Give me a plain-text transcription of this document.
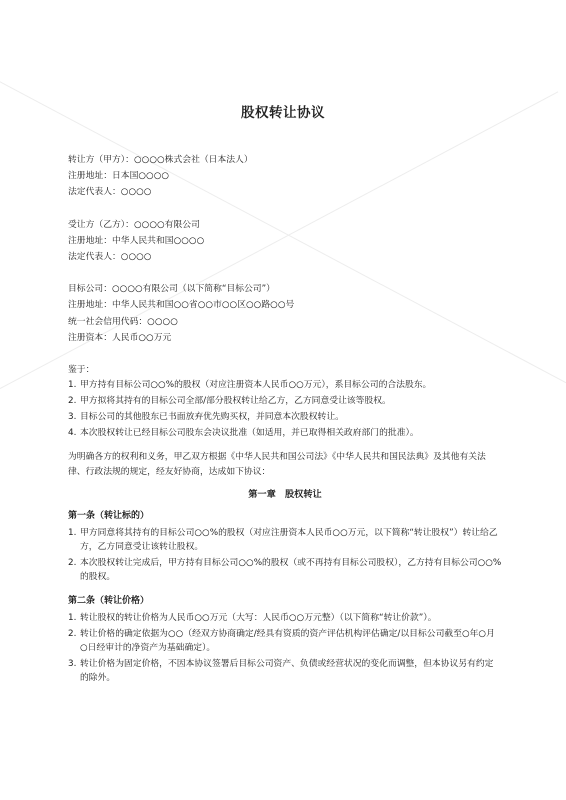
股权转让协议
转让方（甲方）：○○○○株式会社（日本法人）
注册地址：日本国○○○○
法定代表人：○○○○
受让方（乙方）：○○○○有限公司
注册地址：中华人民共和国○○○○
法定代表人：○○○○
目标公司：○○○○有限公司（以下简称“目标公司”）
注册地址：中华人民共和国○○省○○市○○区○○路○○号
统一社会信用代码：○○○○
注册资本：人民币○○万元
鉴于：
1. 甲方持有目标公司○○%的股权（对应注册资本人民币○○万元），系目标公司的合法股东。
2. 甲方拟将其持有的目标公司全部/部分股权转让给乙方，乙方同意受让该等股权。
3. 目标公司的其他股东已书面放弃优先购买权，并同意本次股权转让。
4. 本次股权转让已经目标公司股东会决议批准（如适用，并已取得相关政府部门的批准）。
为明确各方的权利和义务，甲乙双方根据《中华人民共和国公司法》《中华人民共和国民法典》及其他有关法律、行政法规的规定，经友好协商，达成如下协议：
第一章　股权转让
第一条（转让标的）
1. 甲方同意将其持有的目标公司○○%的股权（对应注册资本人民币○○万元，以下简称“转让股权”）转让给乙方，乙方同意受让该转让股权。
2. 本次股权转让完成后，甲方持有目标公司○○%的股权（或不再持有目标公司股权），乙方持有目标公司○○%的股权。
第二条（转让价格）
1. 转让股权的转让价格为人民币○○万元（大写：人民币○○万元整）（以下简称“转让价款”）。
2. 转让价格的确定依据为○○（经双方协商确定/经具有资质的资产评估机构评估确定/以目标公司截至○年○月○日经审计的净资产为基础确定）。
3. 转让价格为固定价格，不因本协议签署后目标公司资产、负债或经营状况的变化而调整，但本协议另有约定的除外。
